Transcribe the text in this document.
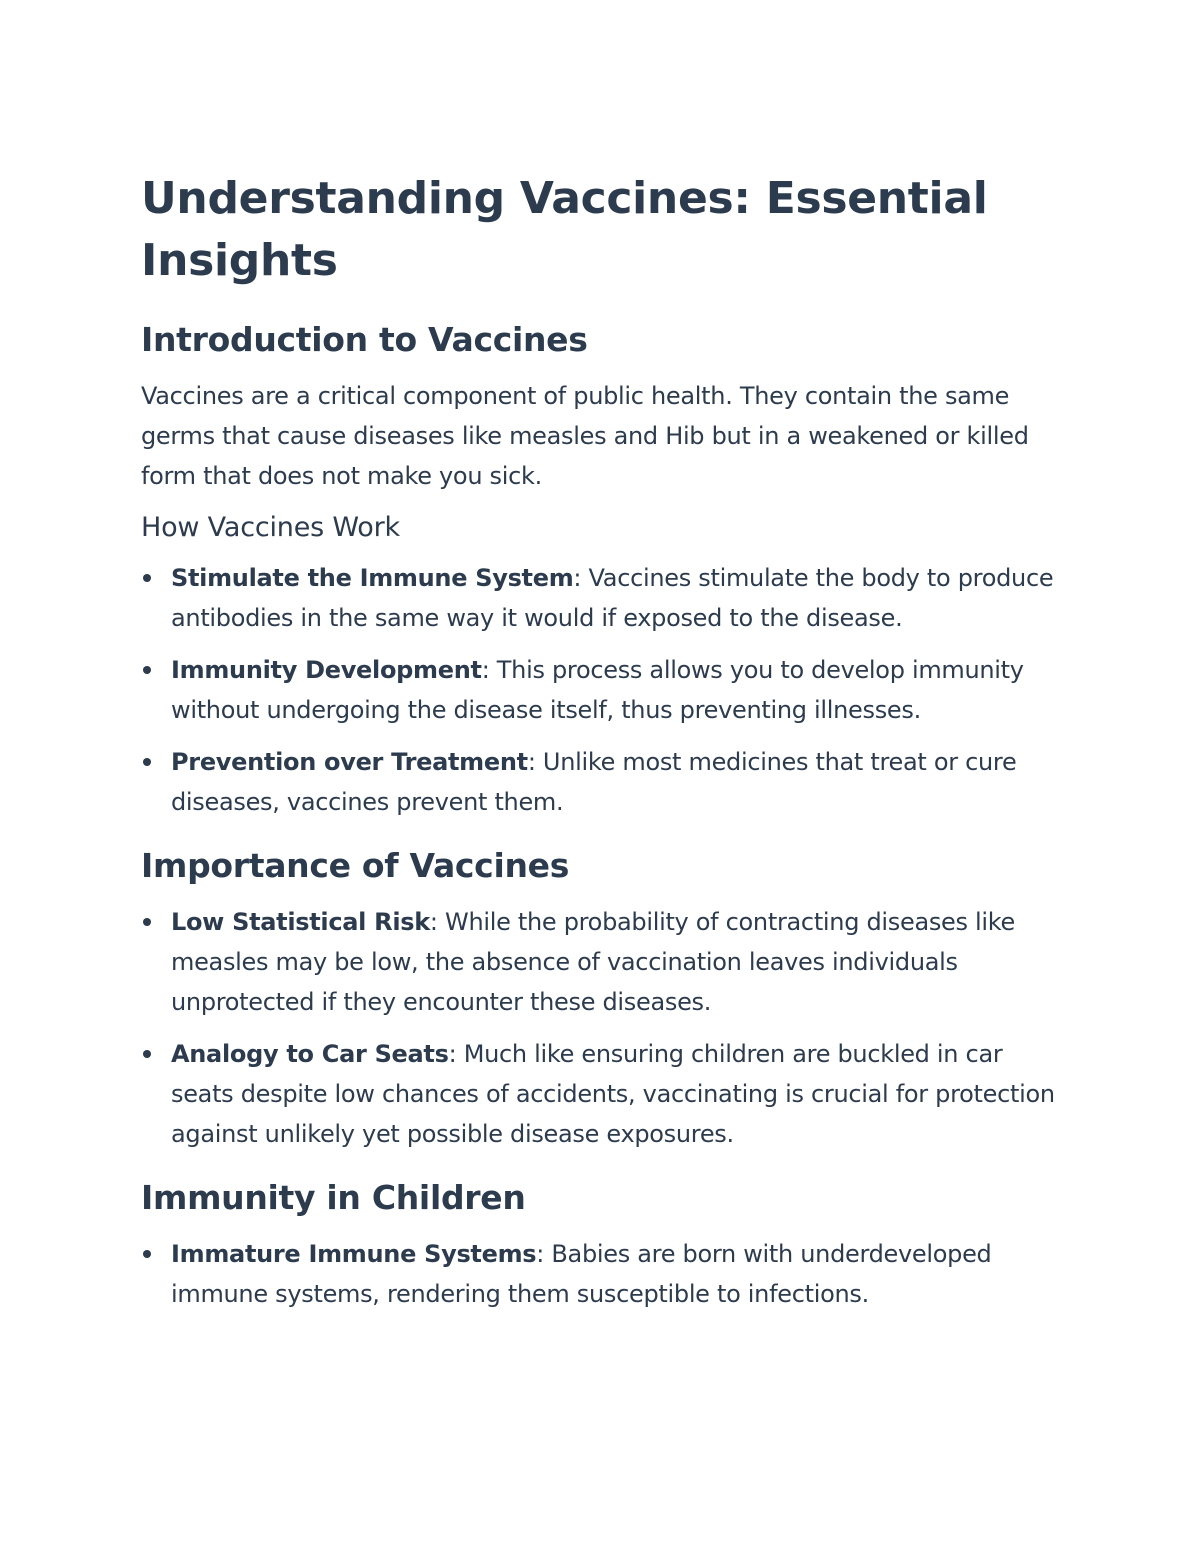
Understanding Vaccines: Essential Insights
Introduction to Vaccines

Vaccines are a critical component of public health. They contain the same germs that cause diseases like measles and Hib but in a weakened or killed form that does not make you sick.

How Vaccines Work
Stimulate the Immune System: Vaccines stimulate the body to produce antibodies in the same way it would if exposed to the disease.
Immunity Development: This process allows you to develop immunity without undergoing the disease itself, thus preventing illnesses.
Prevention over Treatment: Unlike most medicines that treat or cure diseases, vaccines prevent them.
Importance of Vaccines
Low Statistical Risk: While the probability of contracting diseases like measles may be low, the absence of vaccination leaves individuals unprotected if they encounter these diseases.
Analogy to Car Seats: Much like ensuring children are buckled in car seats despite low chances of accidents, vaccinating is crucial for protection against unlikely yet possible disease exposures.
Immunity in Children
Immature Immune Systems: Babies are born with underdeveloped immune systems, rendering them susceptible to infections.
